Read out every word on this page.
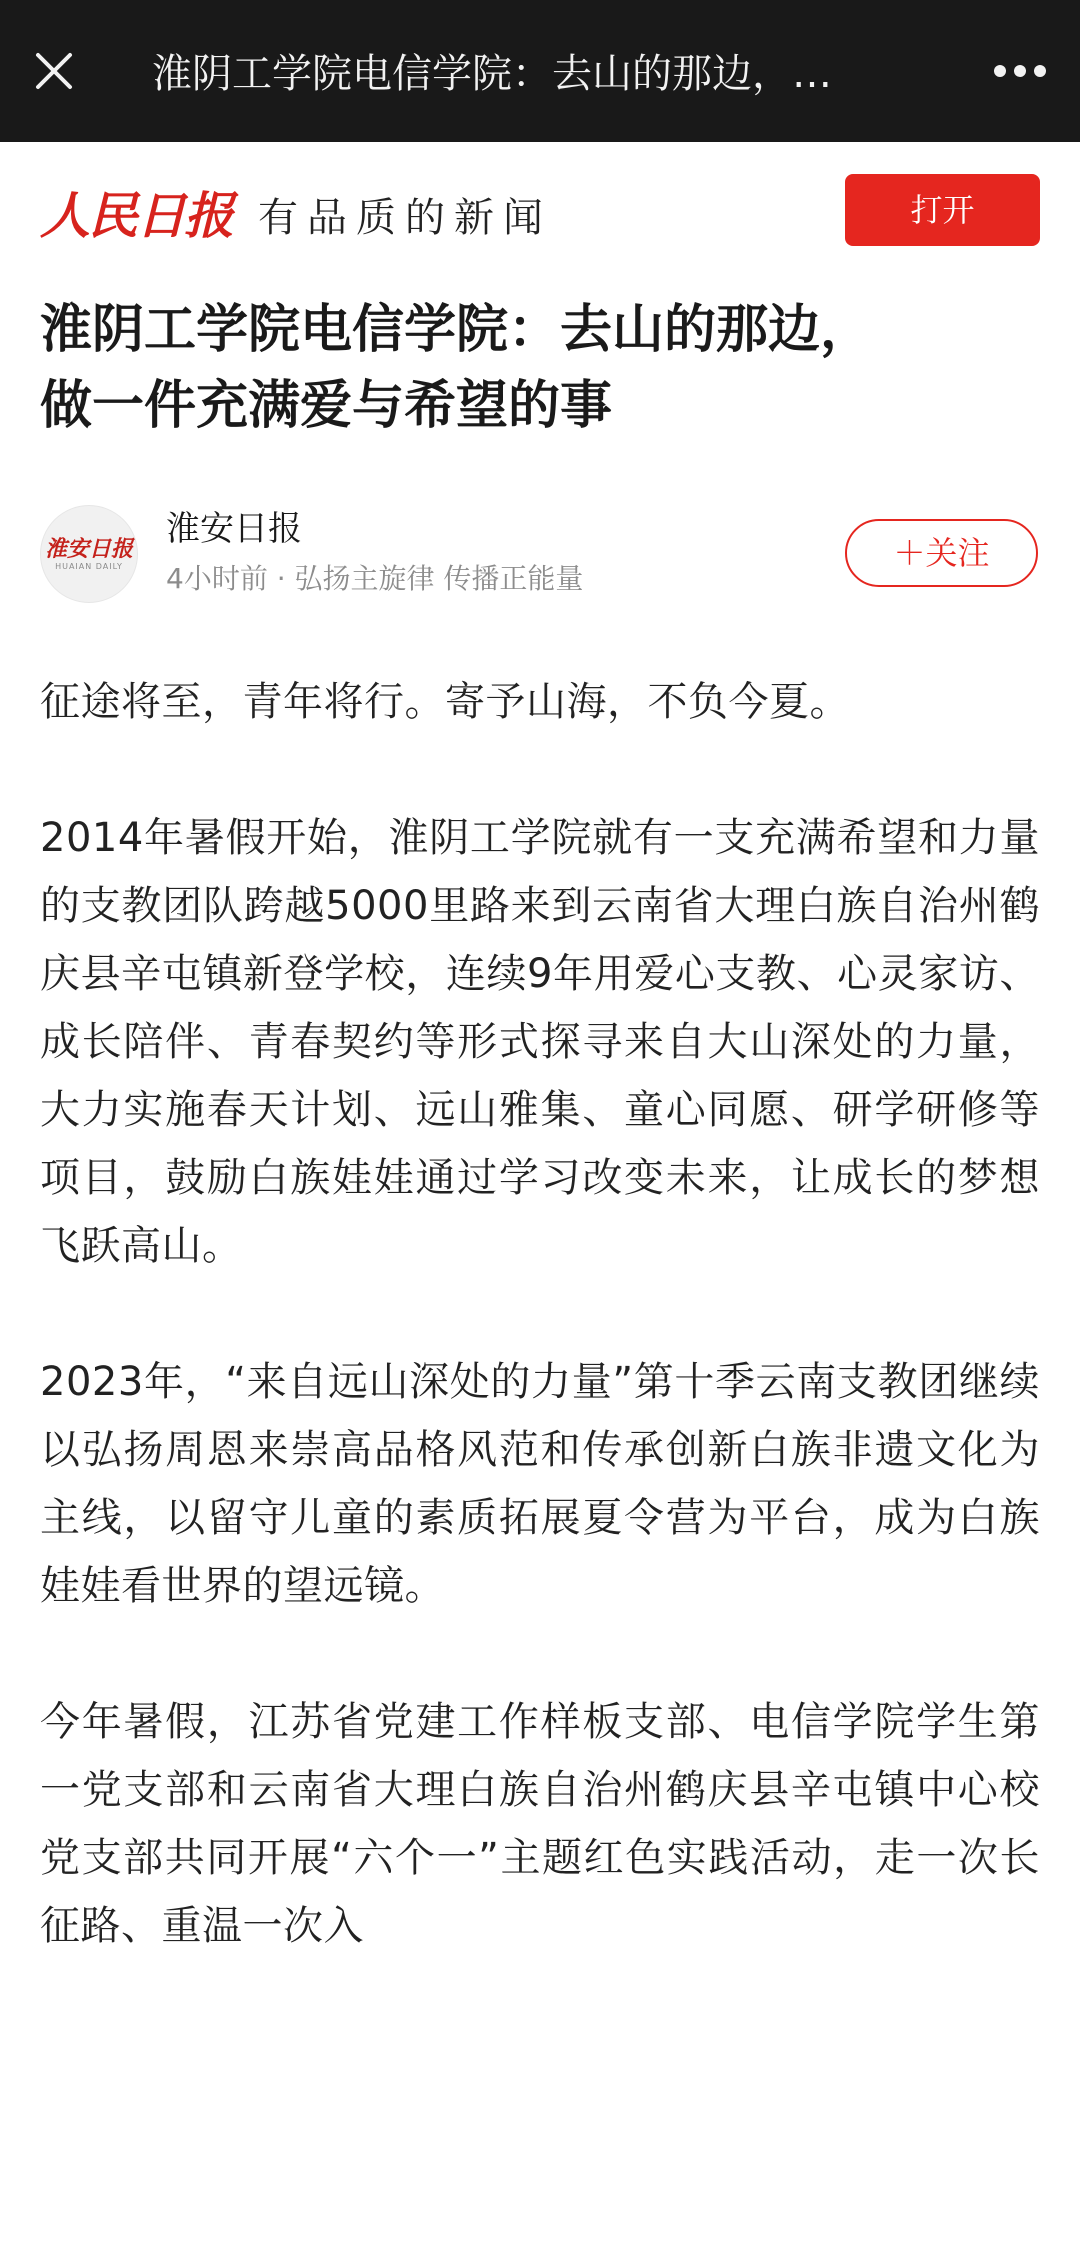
淮阴工学院电信学院：去山的那边，…
人民日报 有品质的新闻	打开
淮阴工学院电信学院：去山的那边，
做一件充满爱与希望的事
淮安日报
HUAIAN DAILY
淮安日报
4小时前 · 弘扬主旋律 传播正能量
＋关注

征途将至，青年将行。寄予山海，不负今夏。

2014年暑假开始，淮阴工学院就有一支充满希望和力量的支教团队跨越5000里路来到云南省大理白族自治州鹤庆县辛屯镇新登学校，连续9年用爱心支教、心灵家访、成长陪伴、青春契约等形式探寻来自大山深处的力量，大力实施春天计划、远山雅集、童心同愿、研学研修等项目，鼓励白族娃娃通过学习改变未来，让成长的梦想飞跃高山。

2023年，“来自远山深处的力量”第十季云南支教团继续以弘扬周恩来崇高品格风范和传承创新白族非遗文化为主线，以留守儿童的素质拓展夏令营为平台，成为白族娃娃看世界的望远镜。

今年暑假，江苏省党建工作样板支部、电信学院学生第一党支部和云南省大理白族自治州鹤庆县辛屯镇中心校党支部共同开展“六个一”主题红色实践活动，走一次长征路、重温一次入
